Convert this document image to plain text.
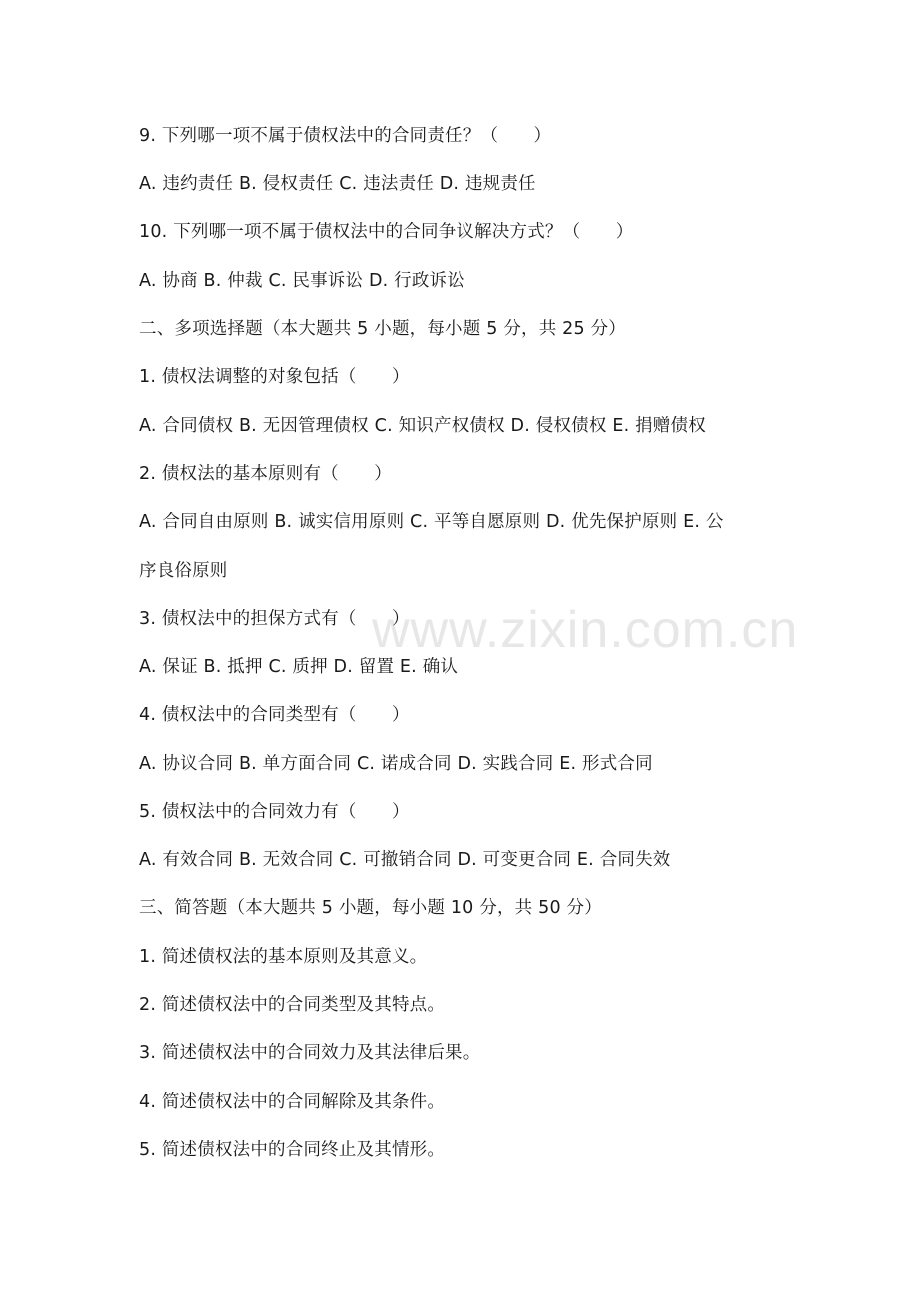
9. 下列哪一项不属于债权法中的合同责任？（　　）
A. 违约责任 B. 侵权责任 C. 违法责任 D. 违规责任
10. 下列哪一项不属于债权法中的合同争议解决方式？（　　）
A. 协商 B. 仲裁 C. 民事诉讼 D. 行政诉讼
二、多项选择题（本大题共 5 小题，每小题 5 分，共 25 分）
1. 债权法调整的对象包括（　　）
A. 合同债权 B. 无因管理债权 C. 知识产权债权 D. 侵权债权 E. 捐赠债权
2. 债权法的基本原则有（　　）
A. 合同自由原则 B. 诚实信用原则 C. 平等自愿原则 D. 优先保护原则 E. 公
序良俗原则
3. 债权法中的担保方式有（　　）
A. 保证 B. 抵押 C. 质押 D. 留置 E. 确认
4. 债权法中的合同类型有（　　）
A. 协议合同 B. 单方面合同 C. 诺成合同 D. 实践合同 E. 形式合同
5. 债权法中的合同效力有（　　）
A. 有效合同 B. 无效合同 C. 可撤销合同 D. 可变更合同 E. 合同失效
三、简答题（本大题共 5 小题，每小题 10 分，共 50 分）
1. 简述债权法的基本原则及其意义。
2. 简述债权法中的合同类型及其特点。
3. 简述债权法中的合同效力及其法律后果。
4. 简述债权法中的合同解除及其条件。
5. 简述债权法中的合同终止及其情形。
www.zixin.com.cn
